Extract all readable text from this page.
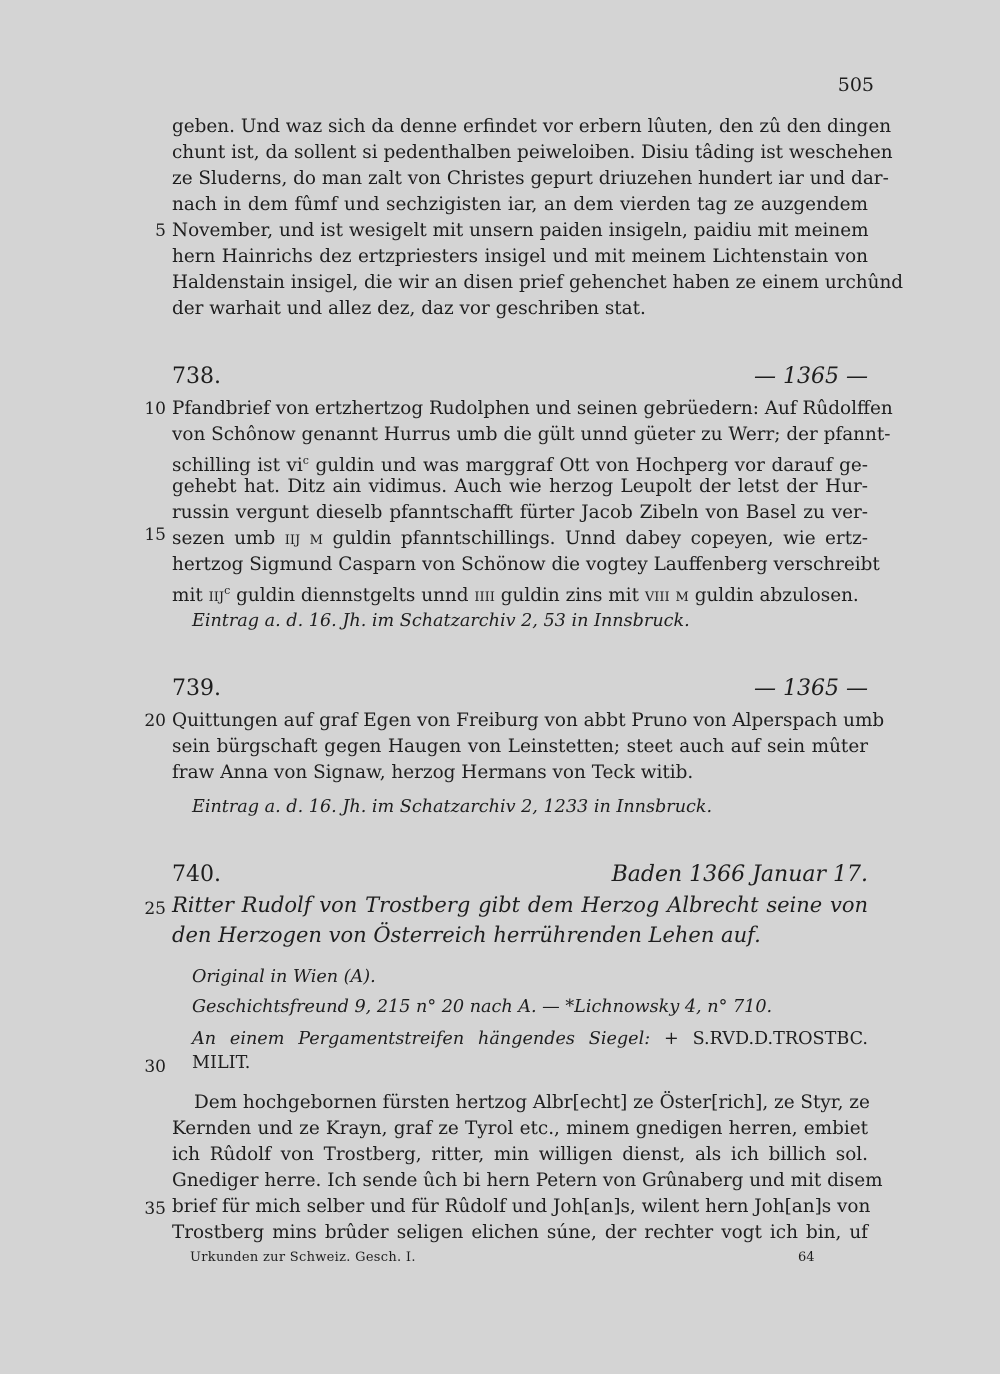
505
geben. Und waz sich da denne erfindet vor erbern lûuten, den zû den dingen
chunt ist, da sollent si pedenthalben peiweloiben. Disiu tâding ist weschehen
ze Sluderns, do man zalt von Christes gepurt driuzehen hundert iar und dar-
nach in dem fûmf und sechzigisten iar, an dem vierden tag ze auzgendem
November, und ist wesigelt mit unsern paiden insigeln, paidiu mit meinem
hern Hainrichs dez ertzpriesters insigel und mit meinem Lichtenstain von
Haldenstain insigel, die wir an disen prief gehenchet haben ze einem urchûnd
der warhait und allez dez, daz vor geschriben stat.
5
10
15
20
25
30
35
738.	— 1365 —
Pfandbrief von ertzhertzog Rudolphen und seinen gebrüedern: Auf Rûdolffen
von Schônow genannt Hurrus umb die gült unnd güeter zu Werr; der pfannt-
schilling ist $vi^c$ guldin und was marggraf Ott von Hochperg vor darauf ge-
gehebt hat. Ditz ain vidimus. Auch wie herzog Leupolt der letst der Hur-
russin vergunt dieselb pfanntschafft fürter Jacob Zibeln von Basel zu ver-
sezen umb iij m guldin pfanntschillings. Unnd dabey copeyen, wie ertz-
hertzog Sigmund Casparn von Schönow die vogtey Lauffenberg verschreibt
mit iij$^c$ guldin diennstgelts unnd iiii guldin zins mit viii m guldin abzulosen.
Eintrag a. d. 16. Jh. im Schatzarchiv 2, 53 in Innsbruck.
739.	— 1365 —
Quittungen auf graf Egen von Freiburg von abbt Pruno von Alperspach umb
sein bürgschaft gegen Haugen von Leinstetten; steet auch auf sein mûter
fraw Anna von Signaw, herzog Hermans von Teck witib.
Eintrag a. d. 16. Jh. im Schatzarchiv 2, 1233 in Innsbruck.
740.	Baden 1366 Januar 17.
Ritter Rudolf von Trostberg gibt dem Herzog Albrecht seine von
den Herzogen von Österreich herrührenden Lehen auf.
Original in Wien (A).
Geschichtsfreund 9, 215 n° 20 nach A. — *Lichnowsky 4, n° 710.
An einem Pergamentstreifen hängendes Siegel: + S.RVD.D.TROSTBC.
MILIT.
Dem hochgebornen fürsten hertzog Albr[echt] ze Öster[rich], ze Styr, ze
Kernden und ze Krayn, graf ze Tyrol etc., minem gnedigen herren, embiet
ich Rûdolf von Trostberg, ritter, min willigen dienst, als ich billich sol.
Gnediger herre. Ich sende ûch bi hern Petern von Grûnaberg und mit disem
brief für mich selber und für Rûdolf und Joh[an]s, wilent hern Joh[an]s von
Trostberg mins brûder seligen elichen súne, der rechter vogt ich bin, uf
Urkunden zur Schweiz. Gesch. I.	64
